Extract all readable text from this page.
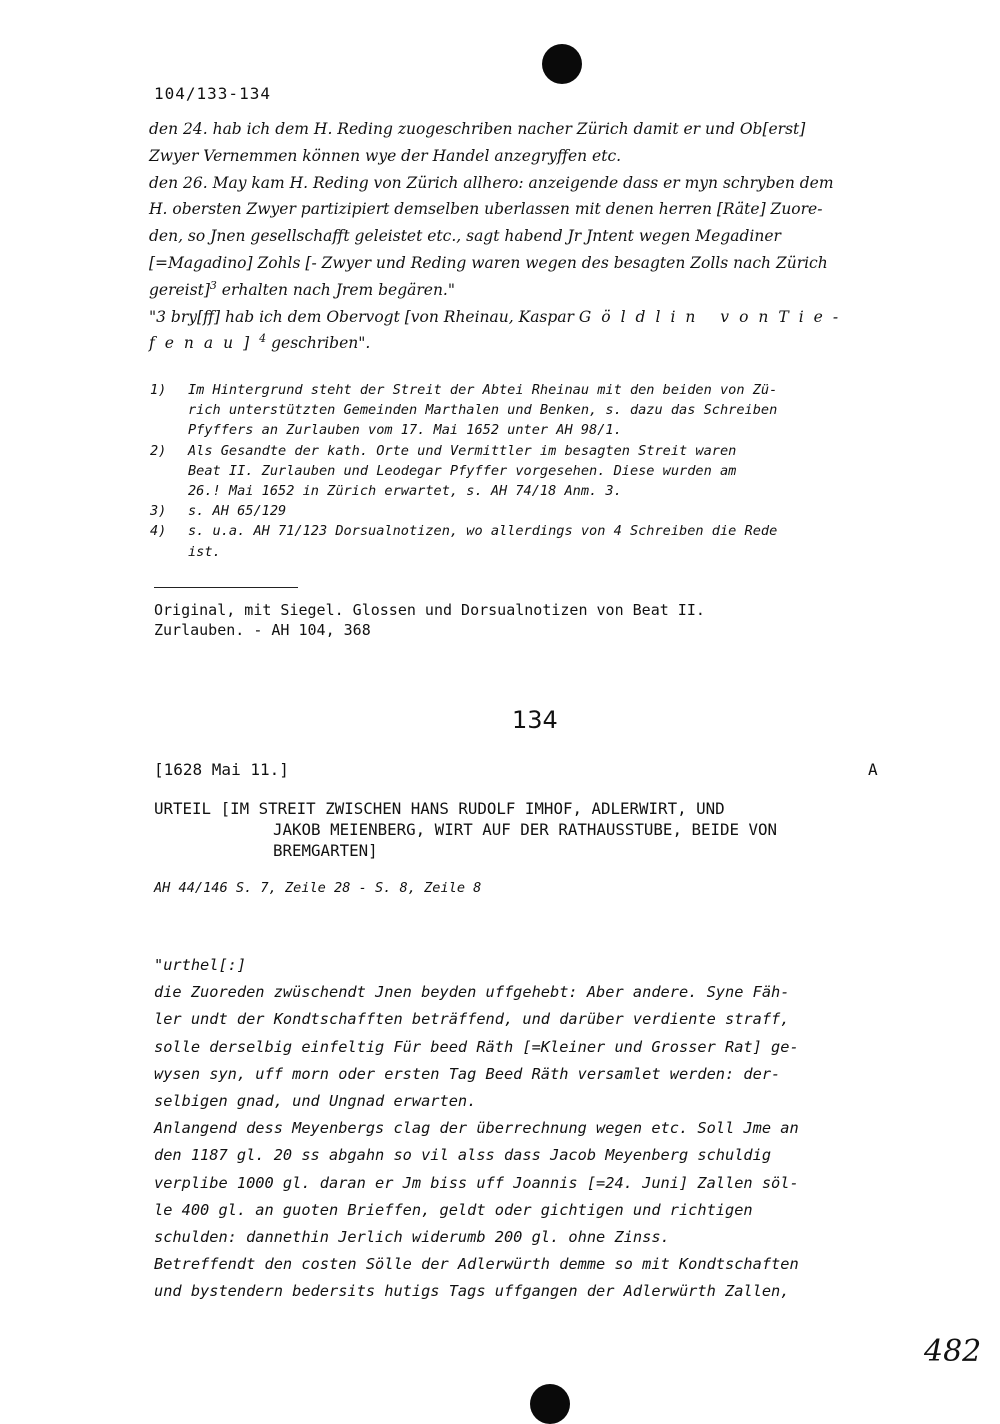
104/133-134
den 24. hab ich dem H. Reding zuogeschriben nacher Zürich damit er und Ob[erst]
Zwyer Vernemmen können wye der Handel anzegryffen etc.
den 26. May kam H. Reding von Zürich allhero: anzeigende dass er myn schryben dem
H. obersten Zwyer partizipiert demselben uberlassen mit denen herren [Räte] Zuore-
den, so Jnen gesellschafft geleistet etc., sagt habend Jr Jntent wegen Megadiner
[=Magadino] Zohls [- Zwyer und Reding waren wegen des besagten Zolls nach Zürich
gereist]$^3$ erhalten nach Jrem begären."
"3 bry[ff] hab ich dem Obervogt [von Rheinau, Kaspar Göldlin vonTie-
fenau]$^4$ geschriben".
1)	Im Hintergrund steht der Streit der Abtei Rheinau mit den beiden von Zü-
rich unterstützten Gemeinden Marthalen und Benken, s. dazu das Schreiben
Pfyffers an Zurlauben vom 17. Mai 1652 unter AH 98/1.
2)	Als Gesandte der kath. Orte und Vermittler im besagten Streit waren
Beat II. Zurlauben und Leodegar Pfyffer vorgesehen. Diese wurden am
26.! Mai 1652 in Zürich erwartet, s. AH 74/18 Anm. 3.
3)	s. AH 65/129
4)	s. u.a. AH 71/123 Dorsualnotizen, wo allerdings von 4 Schreiben die Rede
ist.
Original, mit Siegel. Glossen und Dorsualnotizen von Beat II.
Zurlauben. - AH 104, 368
134
[1628 Mai 11.]	A
URTEIL [IM STREIT ZWISCHEN HANS RUDOLF IMHOF, ADLERWIRT, UND
JAKOB MEIENBERG, WIRT AUF DER RATHAUSSTUBE, BEIDE VON
BREMGARTEN]
AH 44/146 S. 7, Zeile 28 - S. 8, Zeile 8
"urthel[:]
die Zuoreden zwüschendt Jnen beyden uffgehebt: Aber andere. Syne Fäh-
ler undt der Kondtschafften beträffend, und darüber verdiente straff,
solle derselbig einfeltig Für beed Räth [=Kleiner und Grosser Rat] ge-
wysen syn, uff morn oder ersten Tag Beed Räth versamlet werden: der-
selbigen gnad, und Ungnad erwarten.
Anlangend dess Meyenbergs clag der überrechnung wegen etc. Soll Jme an
den 1187 gl. 20 ss abgahn so vil alss dass Jacob Meyenberg schuldig
verplibe 1000 gl. daran er Jm biss uff Joannis [=24. Juni] Zallen söl-
le 400 gl. an guoten Brieffen, geldt oder gichtigen und richtigen
schulden: dannethin Jerlich widerumb 200 gl. ohne Zinss.
Betreffendt den costen Sölle der Adlerwürth demme so mit Kondtschaften
und bystendern bedersits hutigs Tags uffgangen der Adlerwürth Zallen,
482
